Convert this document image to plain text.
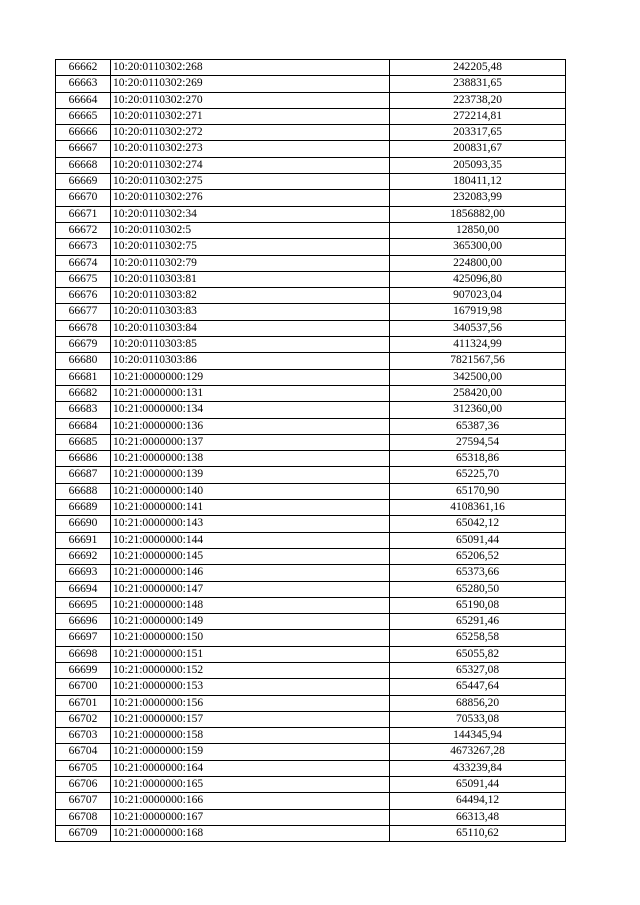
66662	10:20:0110302:268	242205,48
66663	10:20:0110302:269	238831,65
66664	10:20:0110302:270	223738,20
66665	10:20:0110302:271	272214,81
66666	10:20:0110302:272	203317,65
66667	10:20:0110302:273	200831,67
66668	10:20:0110302:274	205093,35
66669	10:20:0110302:275	180411,12
66670	10:20:0110302:276	232083,99
66671	10:20:0110302:34	1856882,00
66672	10:20:0110302:5	12850,00
66673	10:20:0110302:75	365300,00
66674	10:20:0110302:79	224800,00
66675	10:20:0110303:81	425096,80
66676	10:20:0110303:82	907023,04
66677	10:20:0110303:83	167919,98
66678	10:20:0110303:84	340537,56
66679	10:20:0110303:85	411324,99
66680	10:20:0110303:86	7821567,56
66681	10:21:0000000:129	342500,00
66682	10:21:0000000:131	258420,00
66683	10:21:0000000:134	312360,00
66684	10:21:0000000:136	65387,36
66685	10:21:0000000:137	27594,54
66686	10:21:0000000:138	65318,86
66687	10:21:0000000:139	65225,70
66688	10:21:0000000:140	65170,90
66689	10:21:0000000:141	4108361,16
66690	10:21:0000000:143	65042,12
66691	10:21:0000000:144	65091,44
66692	10:21:0000000:145	65206,52
66693	10:21:0000000:146	65373,66
66694	10:21:0000000:147	65280,50
66695	10:21:0000000:148	65190,08
66696	10:21:0000000:149	65291,46
66697	10:21:0000000:150	65258,58
66698	10:21:0000000:151	65055,82
66699	10:21:0000000:152	65327,08
66700	10:21:0000000:153	65447,64
66701	10:21:0000000:156	68856,20
66702	10:21:0000000:157	70533,08
66703	10:21:0000000:158	144345,94
66704	10:21:0000000:159	4673267,28
66705	10:21:0000000:164	433239,84
66706	10:21:0000000:165	65091,44
66707	10:21:0000000:166	64494,12
66708	10:21:0000000:167	66313,48
66709	10:21:0000000:168	65110,62
